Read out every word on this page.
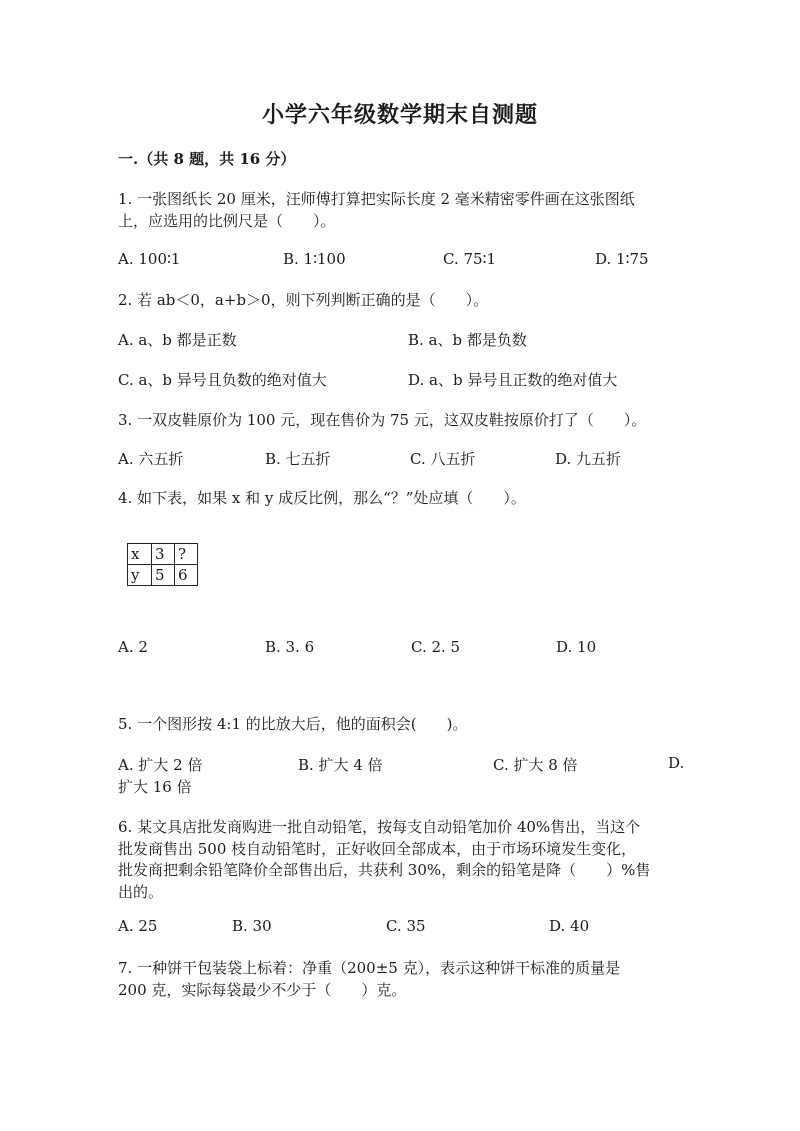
小学六年级数学期末自测题
一.（共 8 题，共 16 分）
1. 一张图纸长 20 厘米，汪师傅打算把实际长度 2 毫米精密零件画在这张图纸
上，应选用的比例尺是（　　）。
A. 100∶1	B. 1∶100	C. 75∶1	D. 1∶75
2. 若 ab＜0，a+b＞0，则下列判断正确的是（　　）。
A. a、b 都是正数	B. a、b 都是负数
C. a、b 异号且负数的绝对值大	D. a、b 异号且正数的绝对值大
3. 一双皮鞋原价为 100 元，现在售价为 75 元，这双皮鞋按原价打了（　　）。
A. 六五折	B. 七五折	C. 八五折	D. 九五折
4. 如下表，如果 x 和 y 成反比例，那么“？”处应填（　　）。
x	3	?
y	5	6
A. 2	B. 3. 6	C. 2. 5	D. 10
5. 一个图形按 4:1 的比放大后，他的面积会(　　)。
A. 扩大 2 倍	B. 扩大 4 倍	C. 扩大 8 倍	D.
扩大 16 倍
6. 某文具店批发商购进一批自动铅笔，按每支自动铅笔加价 40%售出，当这个
批发商售出 500 枝自动铅笔时，正好收回全部成本，由于市场环境发生变化，
批发商把剩余铅笔降价全部售出后，共获利 30%，剩余的铅笔是降（　　）%售
出的。
A. 25	B. 30	C. 35	D. 40
7. 一种饼干包装袋上标着：净重（200±5 克），表示这种饼干标准的质量是
200 克，实际每袋最少不少于（　　）克。
